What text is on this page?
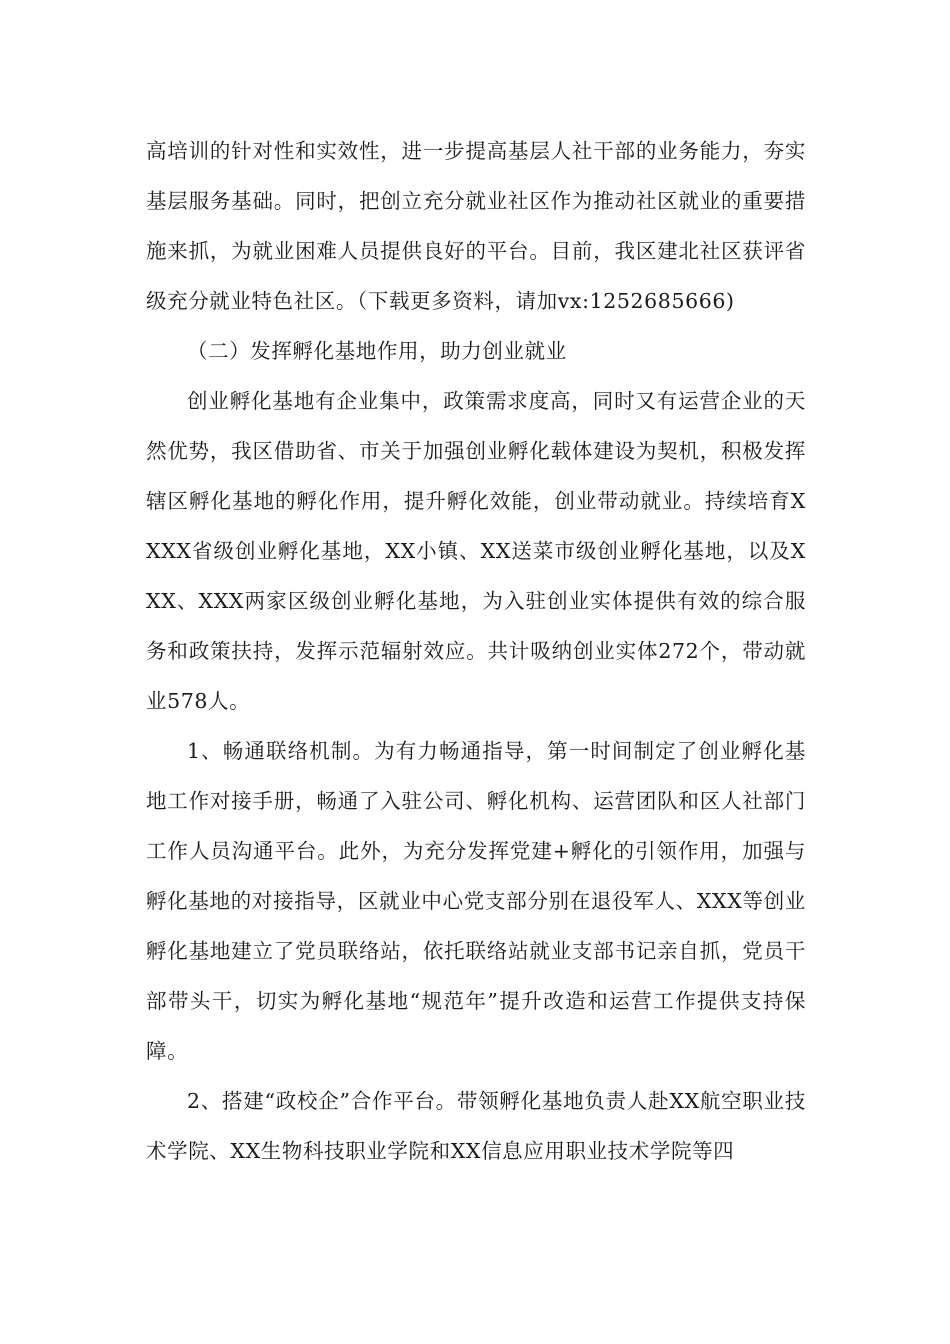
高培训的针对性和实效性，进一步提高基层人社干部的业务能力，夯实基层服务基础。同时，把创立充分就业社区作为推动社区就业的重要措施来抓，为就业困难人员提供良好的平台。目前，我区建北社区获评省级充分就业特色社区。（下载更多资料，请加vx:1252685666)

（二）发挥孵化基地作用，助力创业就业

创业孵化基地有企业集中，政策需求度高，同时又有运营企业的天然优势，我区借助省、市关于加强创业孵化载体建设为契机，积极发挥辖区孵化基地的孵化作用，提升孵化效能，创业带动就业。持续培育XXXX省级创业孵化基地，XX小镇、XX送菜市级创业孵化基地，以及XXX、XXX两家区级创业孵化基地，为入驻创业实体提供有效的综合服务和政策扶持，发挥示范辐射效应。共计吸纳创业实体272个，带动就业578人。

1、畅通联络机制。为有力畅通指导，第一时间制定了创业孵化基地工作对接手册，畅通了入驻公司、孵化机构、运营团队和区人社部门工作人员沟通平台。此外，为充分发挥党建+孵化的引领作用，加强与孵化基地的对接指导，区就业中心党支部分别在退役军人、XXX等创业孵化基地建立了党员联络站，依托联络站就业支部书记亲自抓，党员干部带头干，切实为孵化基地“规范年”提升改造和运营工作提供支持保障。

2、搭建“政校企”合作平台。带领孵化基地负责人赴XX航空职业技术学院、XX生物科技职业学院和XX信息应用职业技术学院等四
